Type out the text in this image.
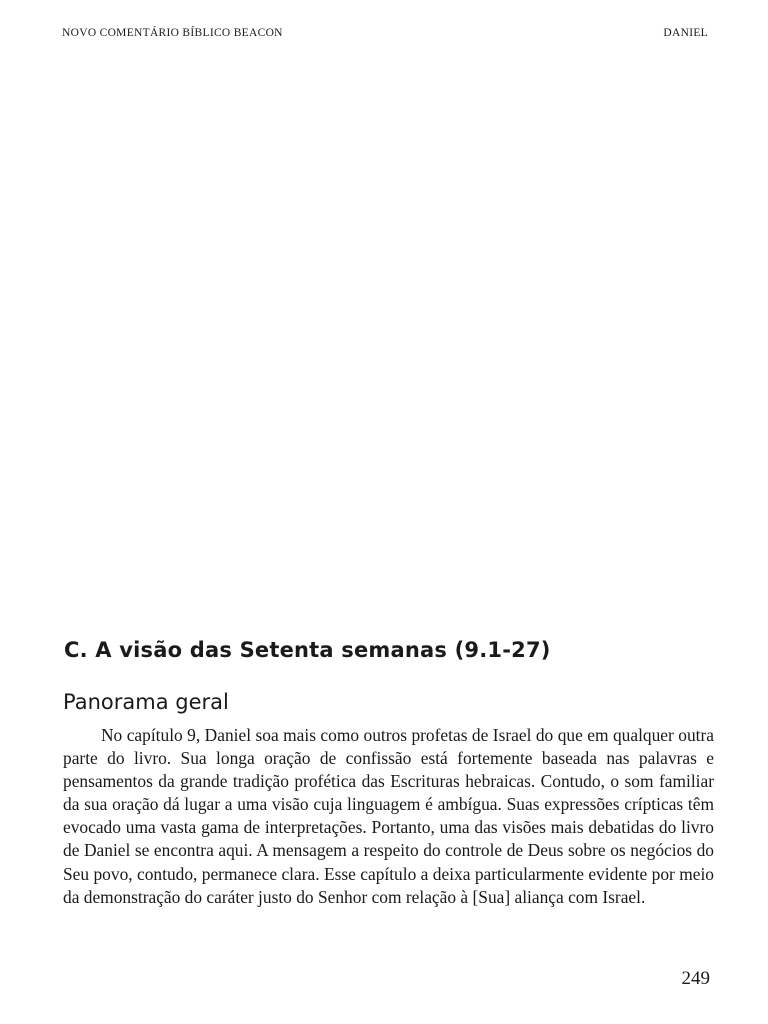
NOVO COMENTÁRIO BÍBLICO BEACON	DANIEL
C. A visão das Setenta semanas (9.1-27)
Panorama geral

No capítulo 9, Daniel soa mais como outros profetas de Israel do que em qualquer outra parte do livro. Sua longa oração de confissão está fortemente baseada nas palavras e pensamentos da grande tradição profética das Escrituras hebraicas. Contudo, o som familiar da sua oração dá lugar a uma visão cuja linguagem é ambígua. Suas expressões crípticas têm evocado uma vasta gama de interpretações. Portanto, uma das visões mais debatidas do livro de Daniel se encontra aqui. A mensagem a respeito do controle de Deus sobre os negócios do Seu povo, contudo, permanece clara. Esse capítulo a deixa particularmente evidente por meio da demonstração do caráter justo do Senhor com relação à [Sua] aliança com Israel.

249
